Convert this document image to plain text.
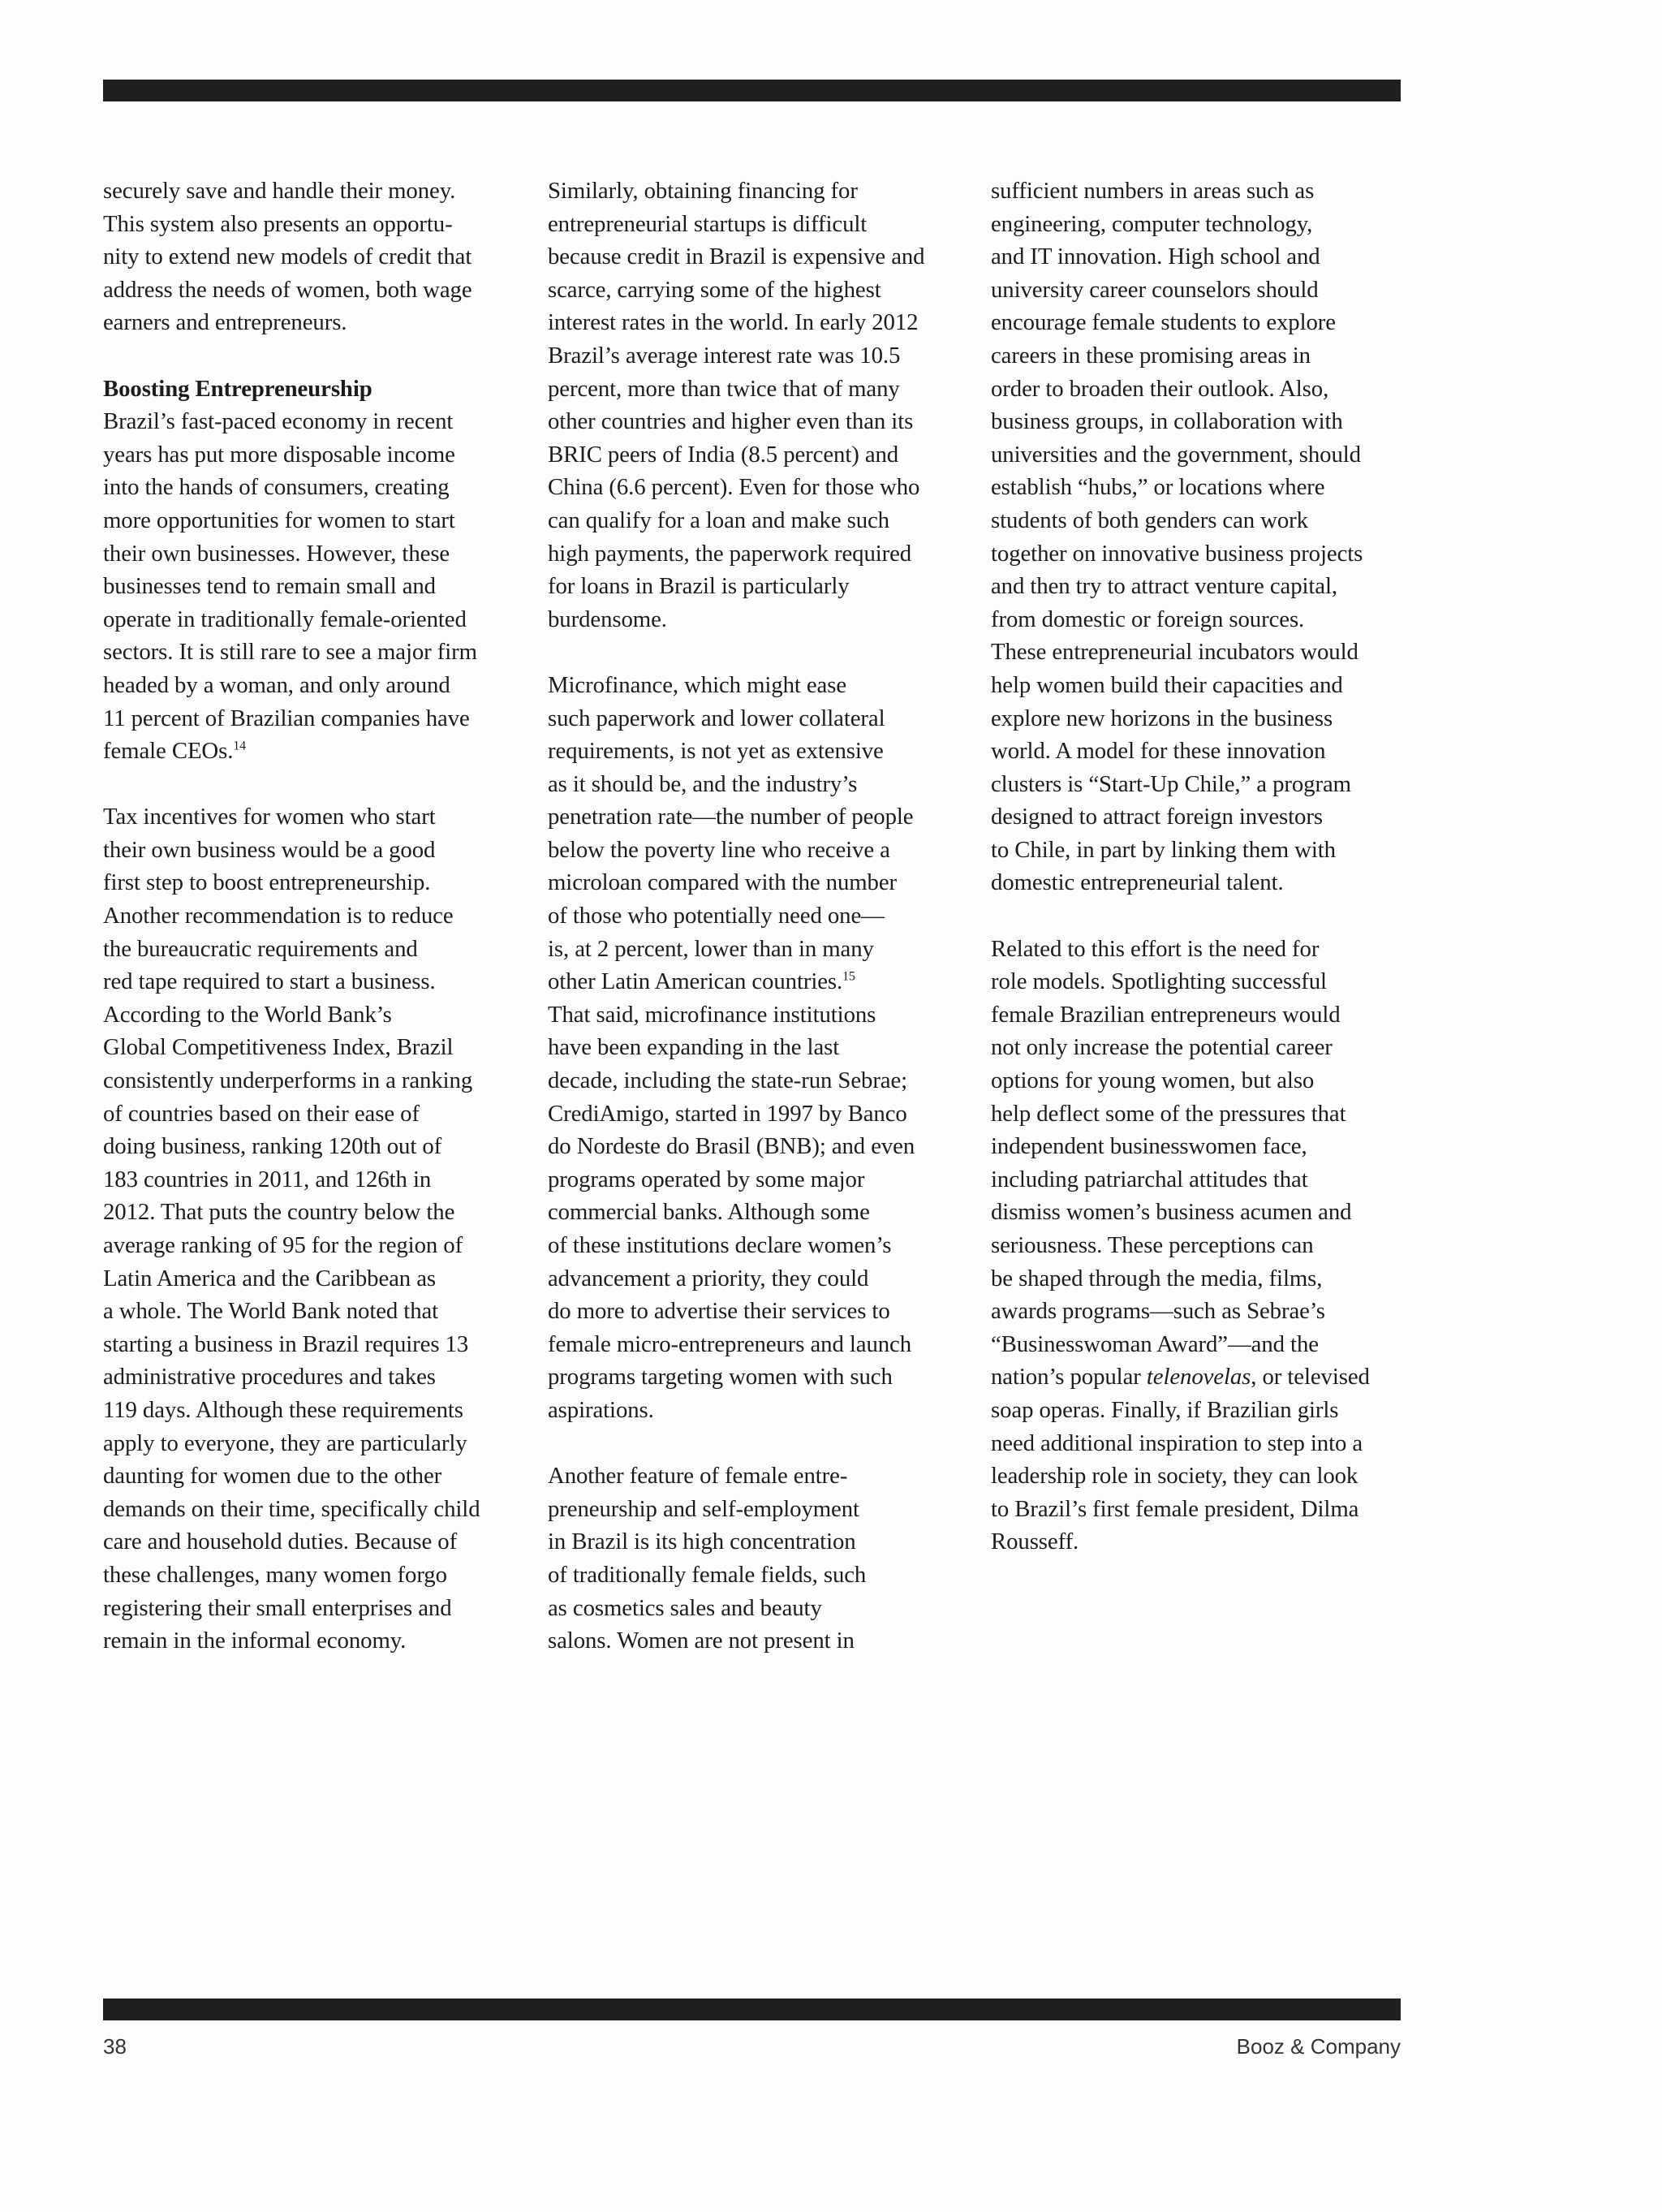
securely save and handle their money.
This system also presents an opportu-
nity to extend new models of credit that
address the needs of women, both wage
earners and entrepreneurs.

Boosting Entrepreneurship
Brazil’s fast-paced economy in recent
years has put more disposable income
into the hands of consumers, creating
more opportunities for women to start
their own businesses. However, these
businesses tend to remain small and
operate in traditionally female-oriented
sectors. It is still rare to see a major firm
headed by a woman, and only around
11 percent of Brazilian companies have
female CEOs.$^{14}$

Tax incentives for women who start
their own business would be a good
first step to boost entrepreneurship.
Another recommendation is to reduce
the bureaucratic requirements and
red tape required to start a business.
According to the World Bank’s
Global Competitiveness Index, Brazil
consistently underperforms in a ranking
of countries based on their ease of
doing business, ranking 120th out of
183 countries in 2011, and 126th in
2012. That puts the country below the
average ranking of 95 for the region of
Latin America and the Caribbean as
a whole. The World Bank noted that
starting a business in Brazil requires 13
administrative procedures and takes
119 days. Although these requirements
apply to everyone, they are particularly
daunting for women due to the other
demands on their time, specifically child
care and household duties. Because of
these challenges, many women forgo
registering their small enterprises and
remain in the informal economy.

Similarly, obtaining financing for
entrepreneurial startups is difficult
because credit in Brazil is expensive and
scarce, carrying some of the highest
interest rates in the world. In early 2012
Brazil’s average interest rate was 10.5
percent, more than twice that of many
other countries and higher even than its
BRIC peers of India (8.5 percent) and
China (6.6 percent). Even for those who
can qualify for a loan and make such
high payments, the paperwork required
for loans in Brazil is particularly
burdensome.

Microfinance, which might ease
such paperwork and lower collateral
requirements, is not yet as extensive
as it should be, and the industry’s
penetration rate—the number of people
below the poverty line who receive a
microloan compared with the number
of those who potentially need one—
is, at 2 percent, lower than in many
other Latin American countries.$^{15}$
That said, microfinance institutions
have been expanding in the last
decade, including the state-run Sebrae;
CrediAmigo, started in 1997 by Banco
do Nordeste do Brasil (BNB); and even
programs operated by some major
commercial banks. Although some
of these institutions declare women’s
advancement a priority, they could
do more to advertise their services to
female micro-entrepreneurs and launch
programs targeting women with such
aspirations.

Another feature of female entre-
preneurship and self-employment
in Brazil is its high concentration
of traditionally female fields, such
as cosmetics sales and beauty
salons. Women are not present in

sufficient numbers in areas such as
engineering, computer technology,
and IT innovation. High school and
university career counselors should
encourage female students to explore
careers in these promising areas in
order to broaden their outlook. Also,
business groups, in collaboration with
universities and the government, should
establish “hubs,” or locations where
students of both genders can work
together on innovative business projects
and then try to attract venture capital,
from domestic or foreign sources.
These entrepreneurial incubators would
help women build their capacities and
explore new horizons in the business
world. A model for these innovation
clusters is “Start-Up Chile,” a program
designed to attract foreign investors
to Chile, in part by linking them with
domestic entrepreneurial talent.

Related to this effort is the need for
role models. Spotlighting successful
female Brazilian entrepreneurs would
not only increase the potential career
options for young women, but also
help deflect some of the pressures that
independent businesswomen face,
including patriarchal attitudes that
dismiss women’s business acumen and
seriousness. These perceptions can
be shaped through the media, films,
awards programs—such as Sebrae’s
“Businesswoman Award”—and the
nation’s popular telenovelas, or televised
soap operas. Finally, if Brazilian girls
need additional inspiration to step into a
leadership role in society, they can look
to Brazil’s first female president, Dilma
Rousseff.

38	Booz & Company
